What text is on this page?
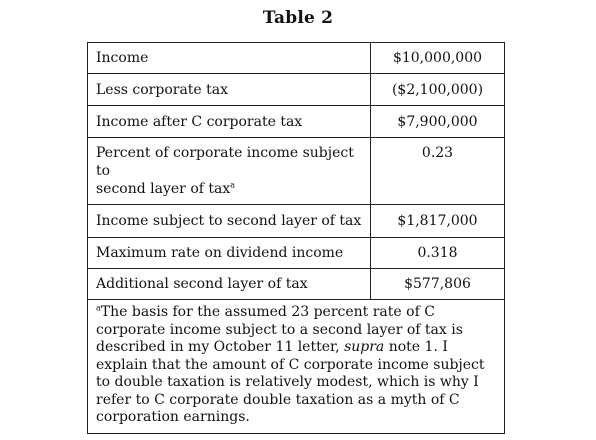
Table 2
Income	$10,000,000
Less corporate tax	($2,100,000)
Income after C corporate tax	$7,900,000
Percent of corporate income subject to
second layer of tax$^a$	0.23
Income subject to second layer of tax	$1,817,000
Maximum rate on dividend income	0.318
Additional second layer of tax	$577,806
$^a$The basis for the assumed 23 percent rate of C corporate income subject to a second layer of tax is described in my October 11 letter, supra note 1. I explain that the amount of C corporate income subject to double taxation is relatively modest, which is why I refer to C corporate double taxation as a myth of C corporation earnings.	
